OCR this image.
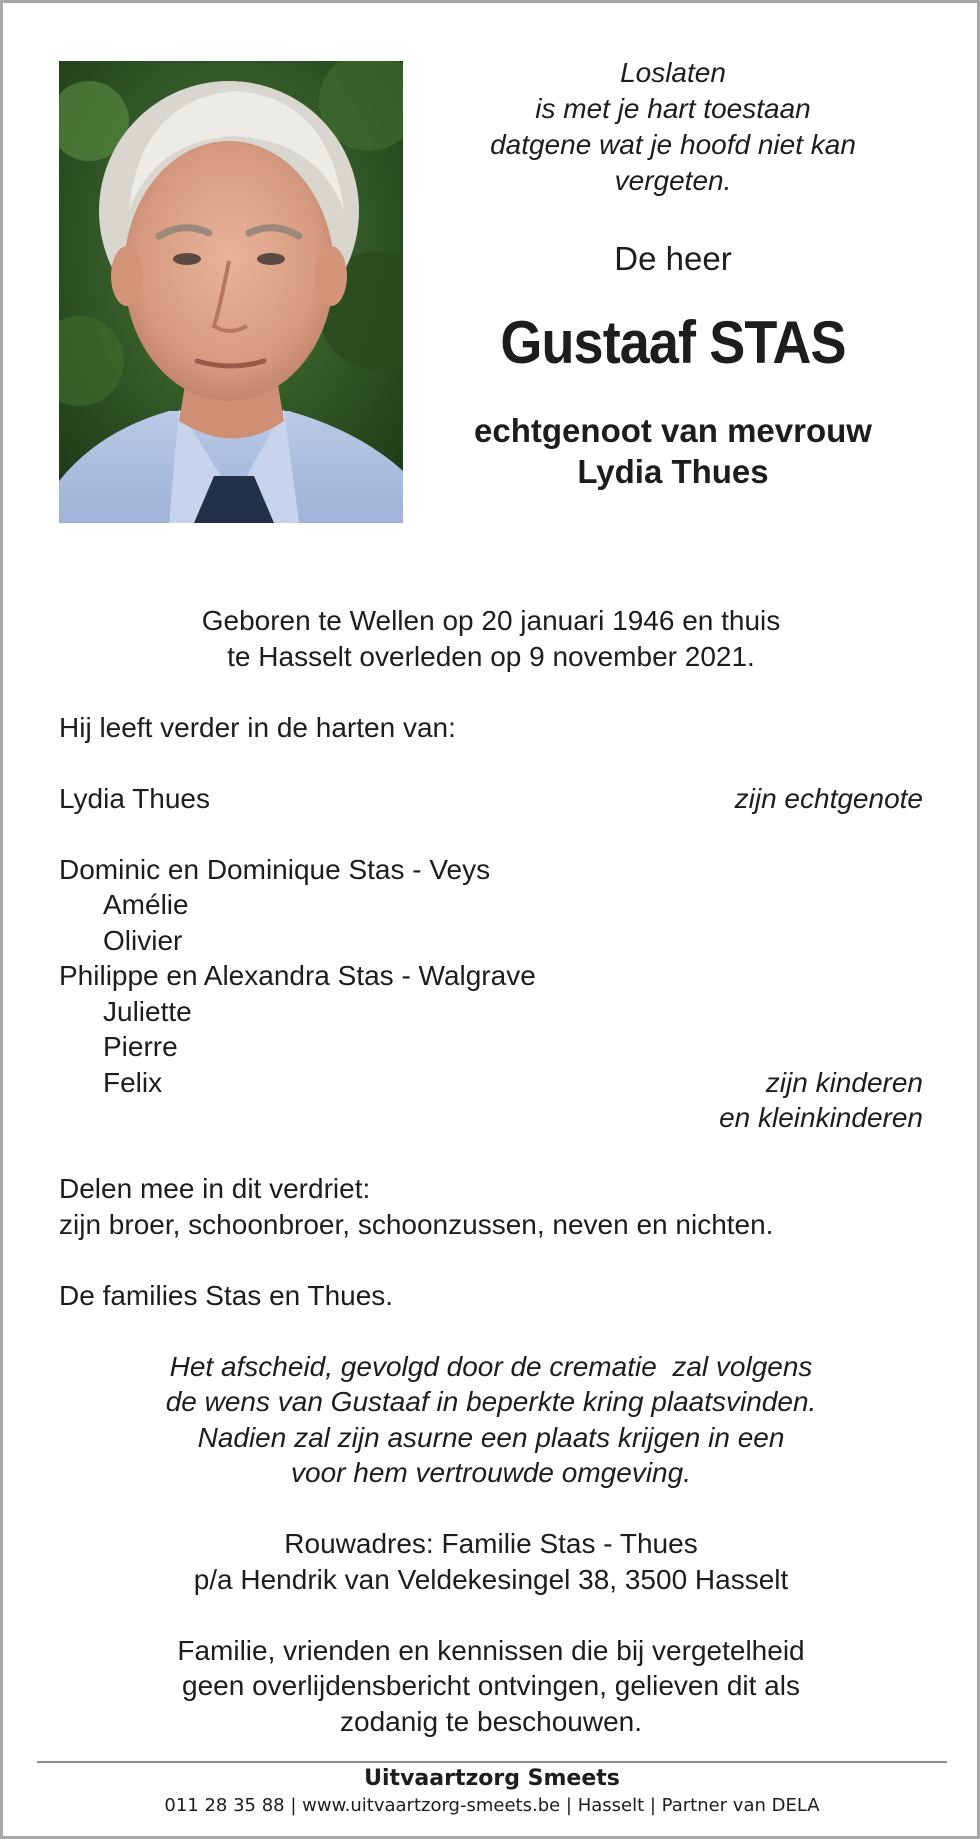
Loslaten
is met je hart toestaan
datgene wat je hoofd niet kan
vergeten.
De heer
Gustaaf STAS
echtgenoot van mevrouw
Lydia Thues
Geboren te Wellen op 20 januari 1946 en thuis
te Hasselt overleden op 9 november 2021.
Hij leeft verder in de harten van:
Lydia Thues	zijn echtgenote
Dominic en Dominique Stas - Veys
Amélie
Olivier
Philippe en Alexandra Stas - Walgrave
Juliette
Pierre
Felix	zijn kinderen
en kleinkinderen
Delen mee in dit verdriet:
zijn broer, schoonbroer, schoonzussen, neven en nichten.
De families Stas en Thues.
Het afscheid, gevolgd door de crematie  zal volgens
de wens van Gustaaf in beperkte kring plaatsvinden.
Nadien zal zijn asurne een plaats krijgen in een
voor hem vertrouwde omgeving.
Rouwadres: Familie Stas - Thues
p/a Hendrik van Veldekesingel 38, 3500 Hasselt
Familie, vrienden en kennissen die bij vergetelheid
geen overlijdensbericht ontvingen, gelieven dit als
zodanig te beschouwen.
Uitvaartzorg Smeets
011 28 35 88 | www.uitvaartzorg-smeets.be | Hasselt | Partner van DELA
